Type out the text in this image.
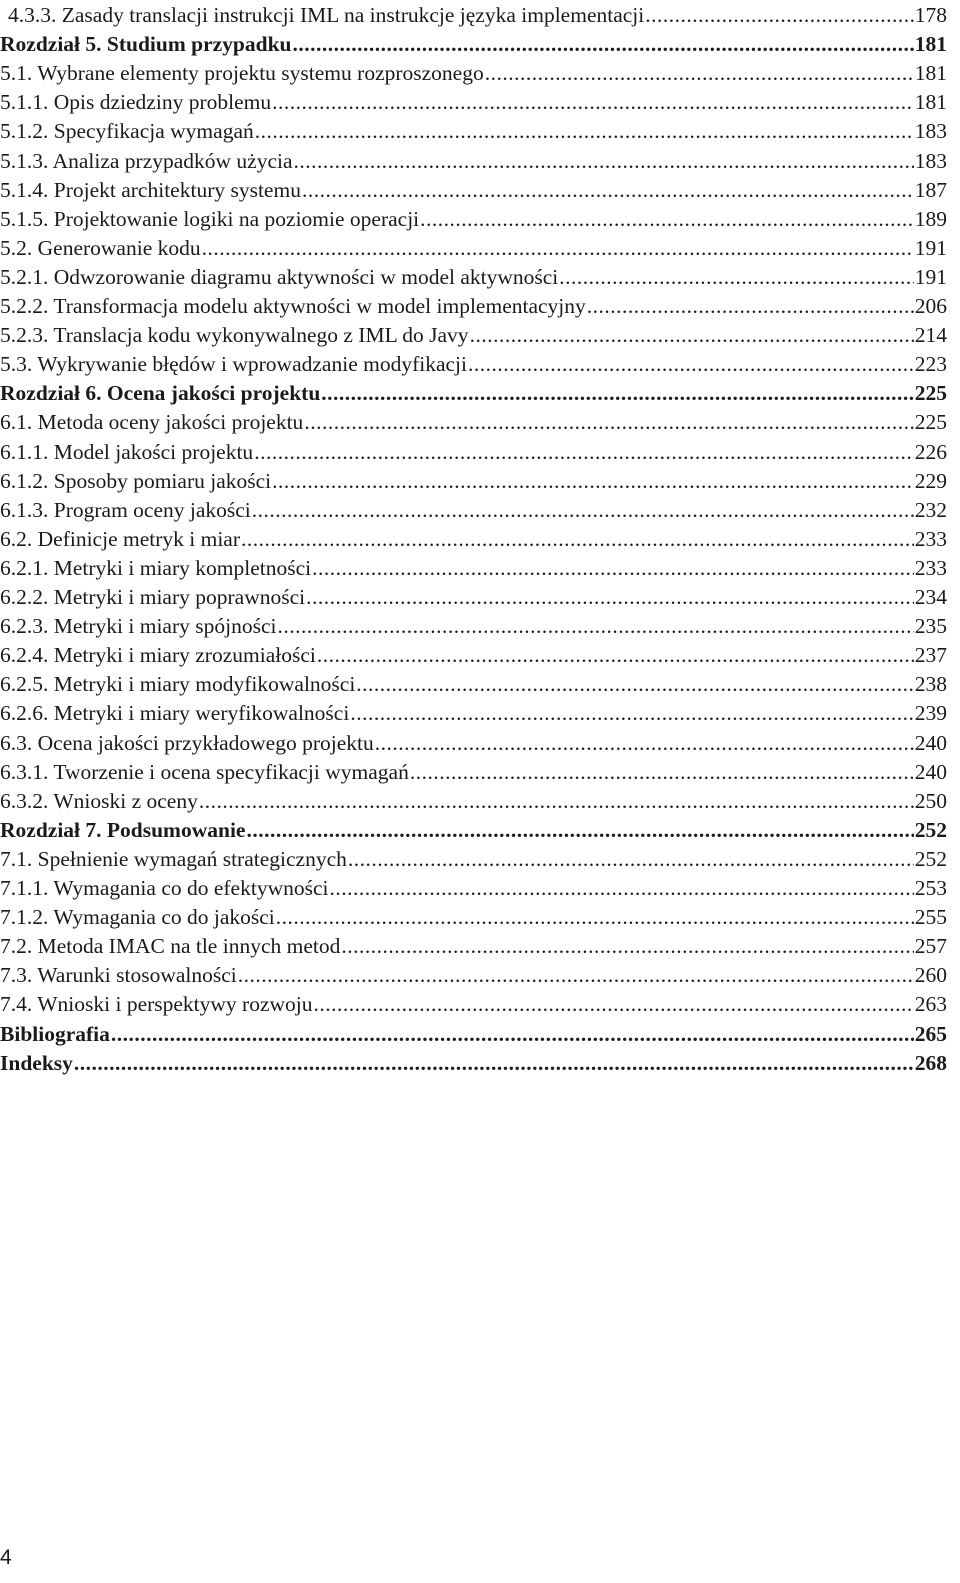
4.3.3. Zasady translacji instrukcji IML na instrukcje języka implementacji .....	178
Rozdział 5. Studium przypadku .....	181
5.1. Wybrane elementy projektu systemu rozproszonego .....	181
5.1.1. Opis dziedziny problemu .....	181
5.1.2. Specyfikacja wymagań .....	183
5.1.3. Analiza przypadków użycia .....	183
5.1.4. Projekt architektury systemu .....	187
5.1.5. Projektowanie logiki na poziomie operacji .....	189
5.2. Generowanie kodu .....	191
5.2.1. Odwzorowanie diagramu aktywności w model aktywności .....	191
5.2.2. Transformacja modelu aktywności w model implementacyjny .....	206
5.2.3. Translacja kodu wykonywalnego z IML do Javy .....	214
5.3. Wykrywanie błędów i wprowadzanie modyfikacji .....	223
Rozdział 6. Ocena jakości projektu .....	225
6.1. Metoda oceny jakości projektu .....	225
6.1.1. Model jakości projektu .....	226
6.1.2. Sposoby pomiaru jakości .....	229
6.1.3. Program oceny jakości .....	232
6.2. Definicje metryk i miar .....	233
6.2.1. Metryki i miary kompletności .....	233
6.2.2. Metryki i miary poprawności .....	234
6.2.3. Metryki i miary spójności .....	235
6.2.4. Metryki i miary zrozumiałości .....	237
6.2.5. Metryki i miary modyfikowalności .....	238
6.2.6. Metryki i miary weryfikowalności .....	239
6.3. Ocena jakości przykładowego projektu .....	240
6.3.1. Tworzenie i ocena specyfikacji wymagań .....	240
6.3.2. Wnioski z oceny .....	250
Rozdział 7. Podsumowanie .....	252
7.1. Spełnienie wymagań strategicznych .....	252
7.1.1. Wymagania co do efektywności .....	253
7.1.2. Wymagania co do jakości .....	255
7.2. Metoda IMAC na tle innych metod .....	257
7.3. Warunki stosowalności .....	260
7.4. Wnioski i perspektywy rozwoju .....	263
Bibliografia .....	265
Indeksy .....	268
4
